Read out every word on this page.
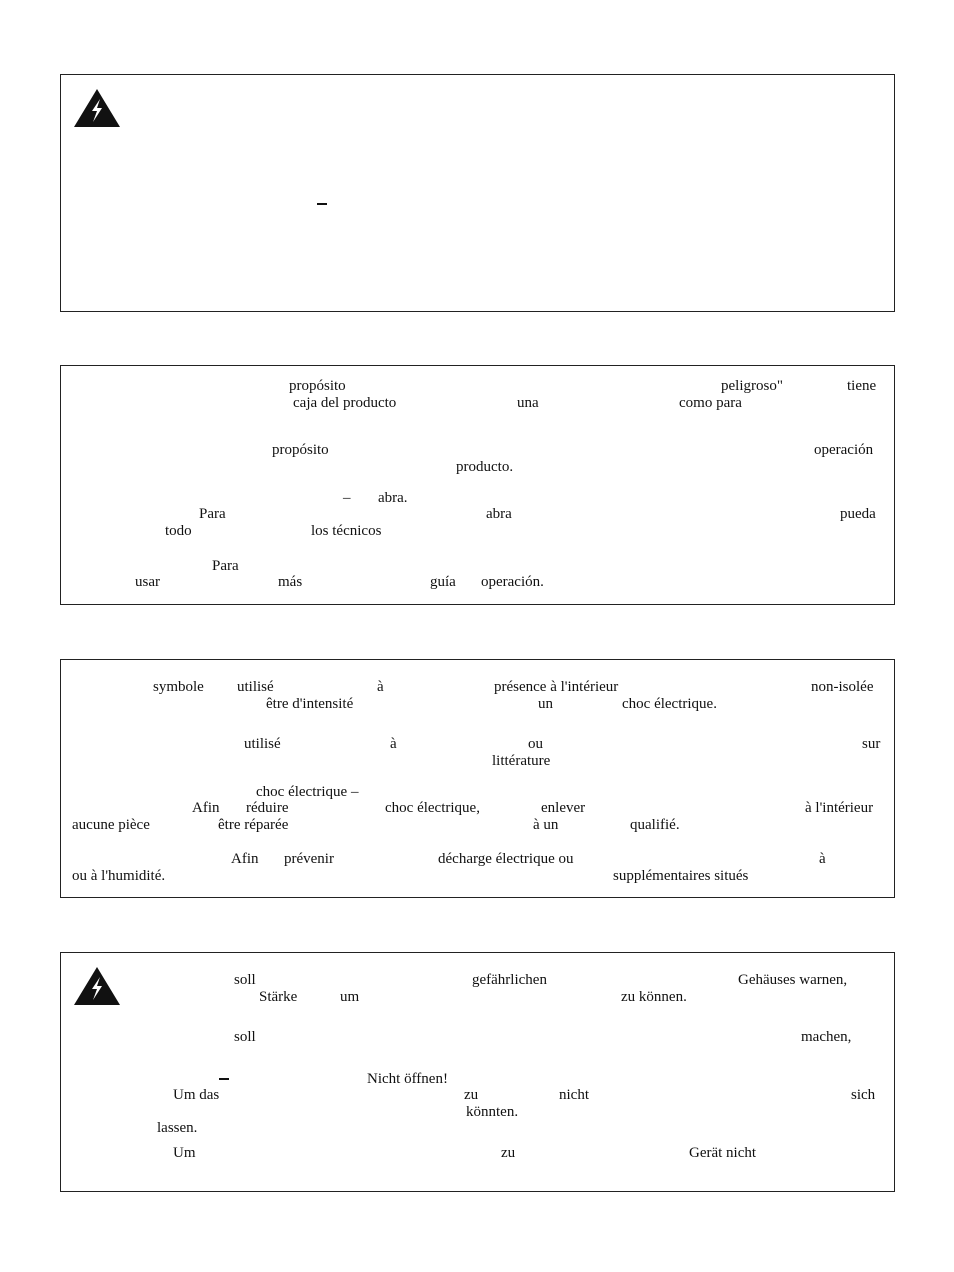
propósito	peligroso"	tiene
caja del producto	una	como para
propósito	operación
producto.
– abra.
Para	abra	pueda
todo	los técnicos
Para
usar	más	guía operación.
symbole utilisé	à	présence à l'intérieur	non-isolée
être d'intensité	un	choc électrique.
utilisé	à	ou	sur
littérature
choc électrique –
Afin réduire	choc électrique,	enlever	à l'intérieur
aucune pièce	être réparée	à un	qualifié.
Afin prévenir	décharge électrique ou	à
ou à l'humidité.	supplémentaires situés
soll	gefährlichen	Gehäuses warnen,
Stärke	um	zu können.
soll	machen,
Nicht öffnen!
Um das	zu	nicht	sich
könnten.
lassen.
Um	zu	Gerät nicht
